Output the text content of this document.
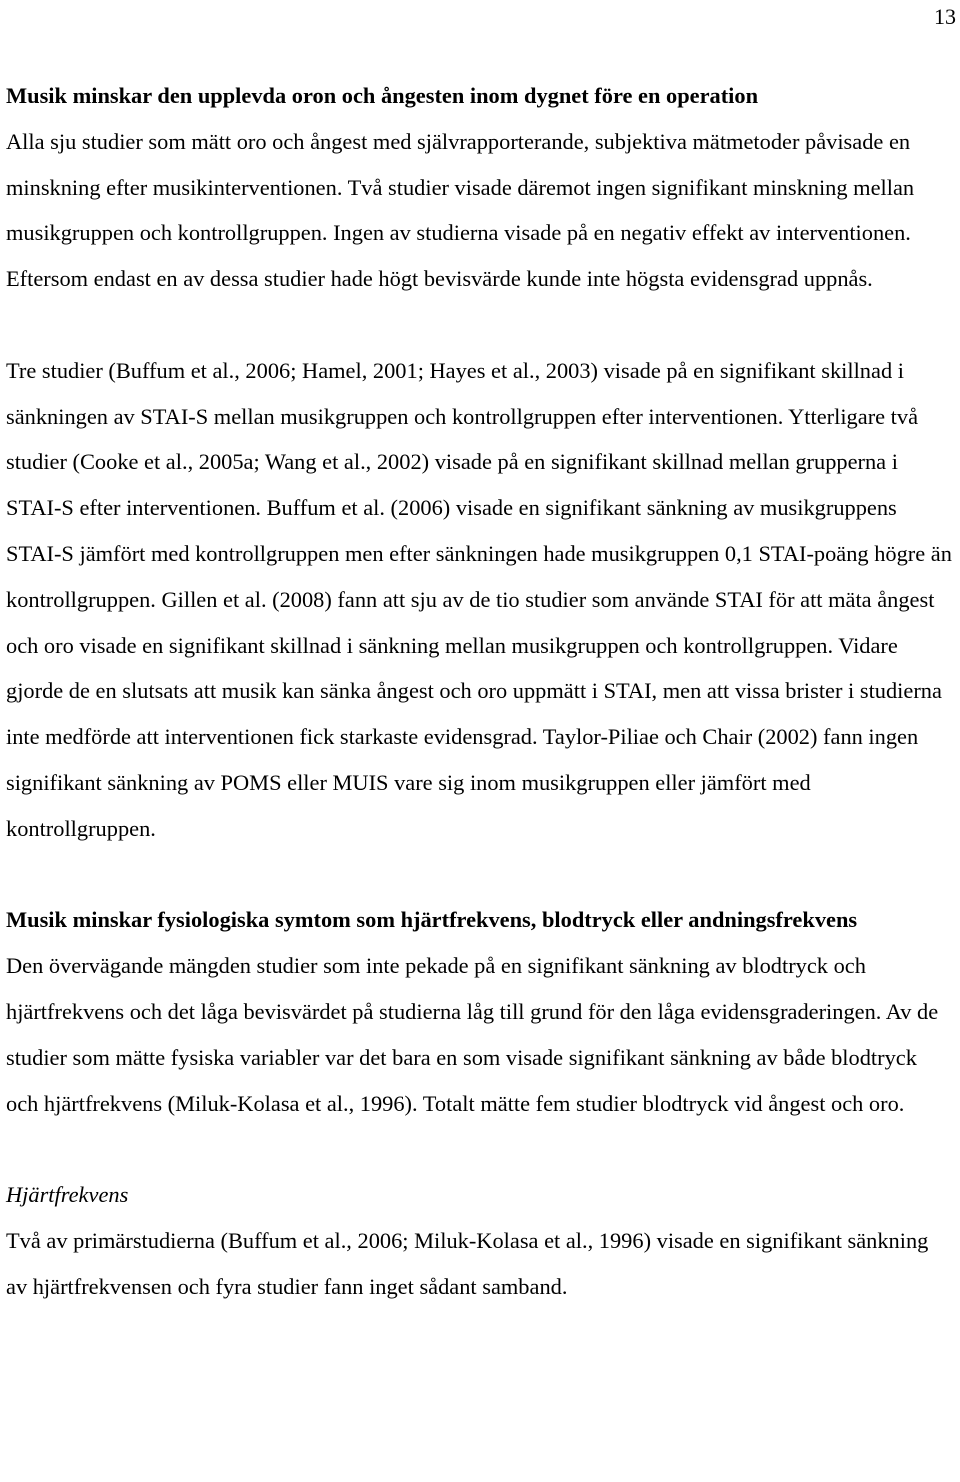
13

Musik minskar den upplevda oron och ångesten inom dygnet före en operation

Alla sju studier som mätt oro och ångest med självrapporterande, subjektiva mätmetoder påvisade en minskning efter musikinterventionen. Två studier visade däremot ingen signifikant minskning mellan musikgruppen och kontrollgruppen. Ingen av studierna visade på en negativ effekt av interventionen. Eftersom endast en av dessa studier hade högt bevisvärde kunde inte högsta evidensgrad uppnås.

Tre studier (Buffum et al., 2006; Hamel, 2001; Hayes et al., 2003) visade på en signifikant skillnad i sänkningen av STAI-S mellan musikgruppen och kontrollgruppen efter interventionen. Ytterligare två studier (Cooke et al., 2005a; Wang et al., 2002) visade på en signifikant skillnad mellan grupperna i STAI-S efter interventionen. Buffum et al. (2006) visade en signifikant sänkning av musikgruppens STAI-S jämfört med kontrollgruppen men efter sänkningen hade musikgruppen 0,1 STAI-poäng högre än kontrollgruppen. Gillen et al. (2008) fann att sju av de tio studier som använde STAI för att mäta ångest och oro visade en signifikant skillnad i sänkning mellan musikgruppen och kontrollgruppen. Vidare gjorde de en slutsats att musik kan sänka ångest och oro uppmätt i STAI, men att vissa brister i studierna inte medförde att interventionen fick starkaste evidensgrad. Taylor-Piliae och Chair (2002) fann ingen signifikant sänkning av POMS eller MUIS vare sig inom musikgruppen eller jämfört med kontrollgruppen.

Musik minskar fysiologiska symtom som hjärtfrekvens, blodtryck eller andningsfrekvens

Den övervägande mängden studier som inte pekade på en signifikant sänkning av blodtryck och hjärtfrekvens och det låga bevisvärdet på studierna låg till grund för den låga evidensgraderingen. Av de studier som mätte fysiska variabler var det bara en som visade signifikant sänkning av både blodtryck och hjärtfrekvens (Miluk-Kolasa et al., 1996). Totalt mätte fem studier blodtryck vid ångest och oro.

Hjärtfrekvens

Två av primärstudierna (Buffum et al., 2006; Miluk-Kolasa et al., 1996) visade en signifikant sänkning av hjärtfrekvensen och fyra studier fann inget sådant samband.
